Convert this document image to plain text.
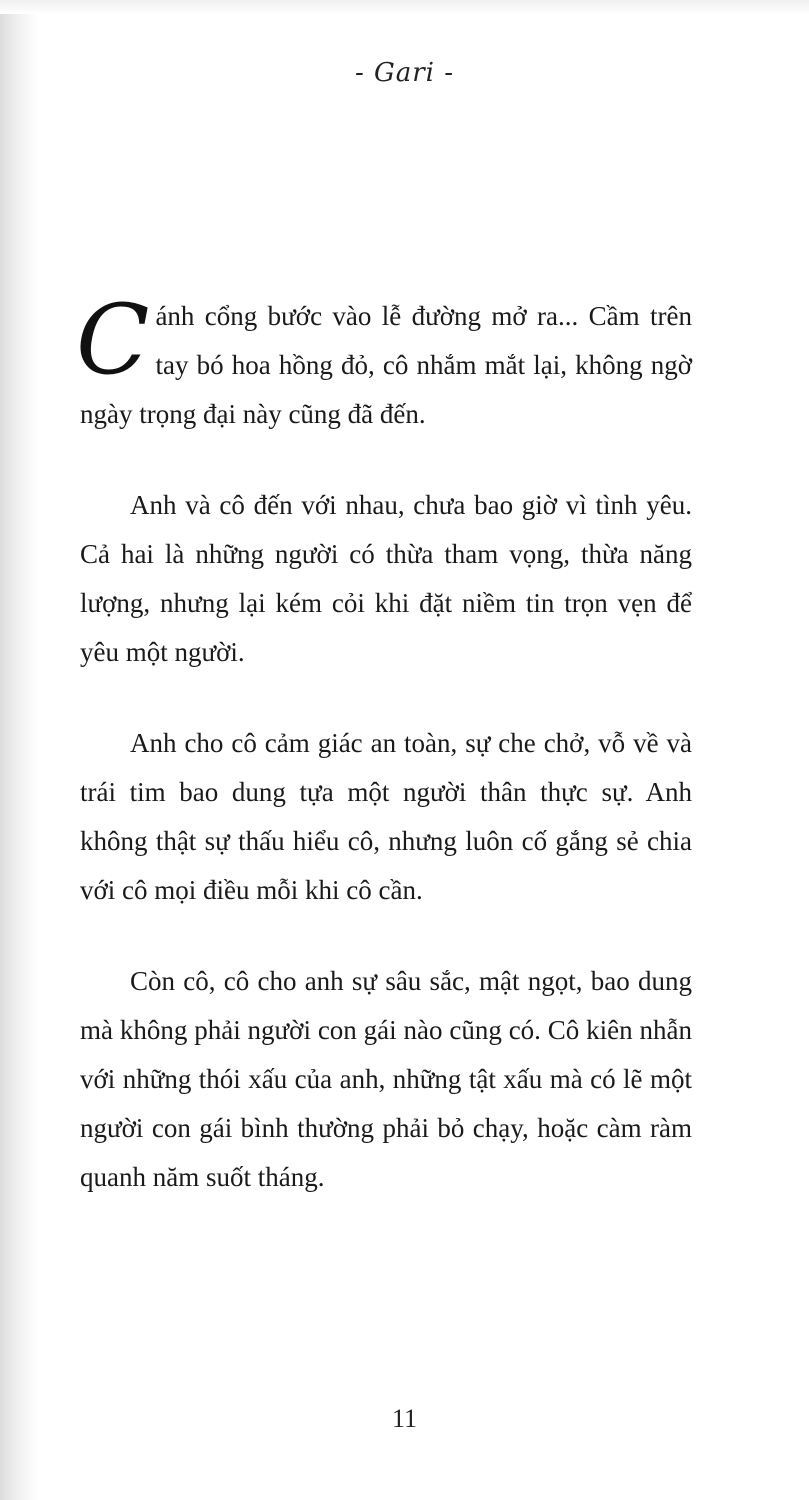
- Gari -

Cánh cổng bước vào lễ đường mở ra... Cầm trên tay bó hoa hồng đỏ, cô nhắm mắt lại, không ngờ ngày trọng đại này cũng đã đến.

Anh và cô đến với nhau, chưa bao giờ vì tình yêu. Cả hai là những người có thừa tham vọng, thừa năng lượng, nhưng lại kém cỏi khi đặt niềm tin trọn vẹn để yêu một người.

Anh cho cô cảm giác an toàn, sự che chở, vỗ về và trái tim bao dung tựa một người thân thực sự. Anh không thật sự thấu hiểu cô, nhưng luôn cố gắng sẻ chia với cô mọi điều mỗi khi cô cần.

Còn cô, cô cho anh sự sâu sắc, mật ngọt, bao dung mà không phải người con gái nào cũng có. Cô kiên nhẫn với những thói xấu của anh, những tật xấu mà có lẽ một người con gái bình thường phải bỏ chạy, hoặc càm ràm quanh năm suốt tháng.

11
